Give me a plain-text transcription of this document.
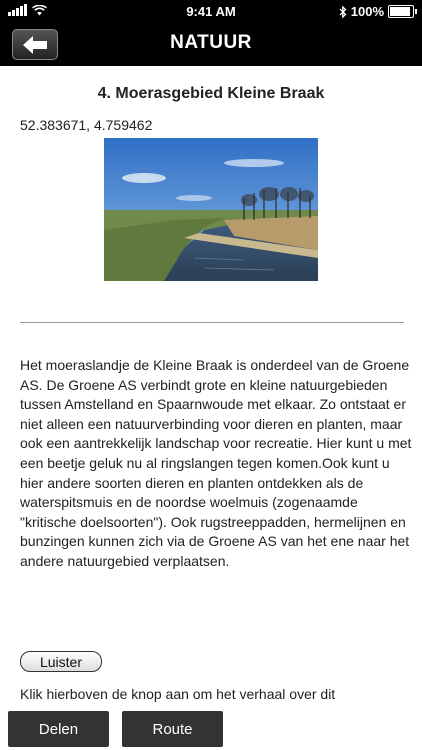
9:41 AM	100%
NATUUR
4. Moerasgebied Kleine Braak
52.383671, 4.759462
Het moeraslandje de Kleine Braak is onderdeel van de Groene AS. De Groene AS verbindt grote en kleine natuurgebieden tussen Amstelland en Spaarnwoude met elkaar. Zo ontstaat er niet alleen een natuurverbinding voor dieren en planten, maar ook een aantrekkelijk landschap voor recreatie. Hier kunt u met een beetje geluk nu al ringslangen tegen komen.Ook kunt u hier andere soorten dieren en planten ontdekken als de waterspitsmuis en de noordse woelmuis (zogenaamde "kritische doelsoorten"). Ook rugstreeppadden, hermelijnen en bunzingen kunnen zich via de Groene AS van het ene naar het andere natuurgebied verplaatsen.
Luister
Klik hierboven de knop aan om het verhaal over dit
Delen	Route
